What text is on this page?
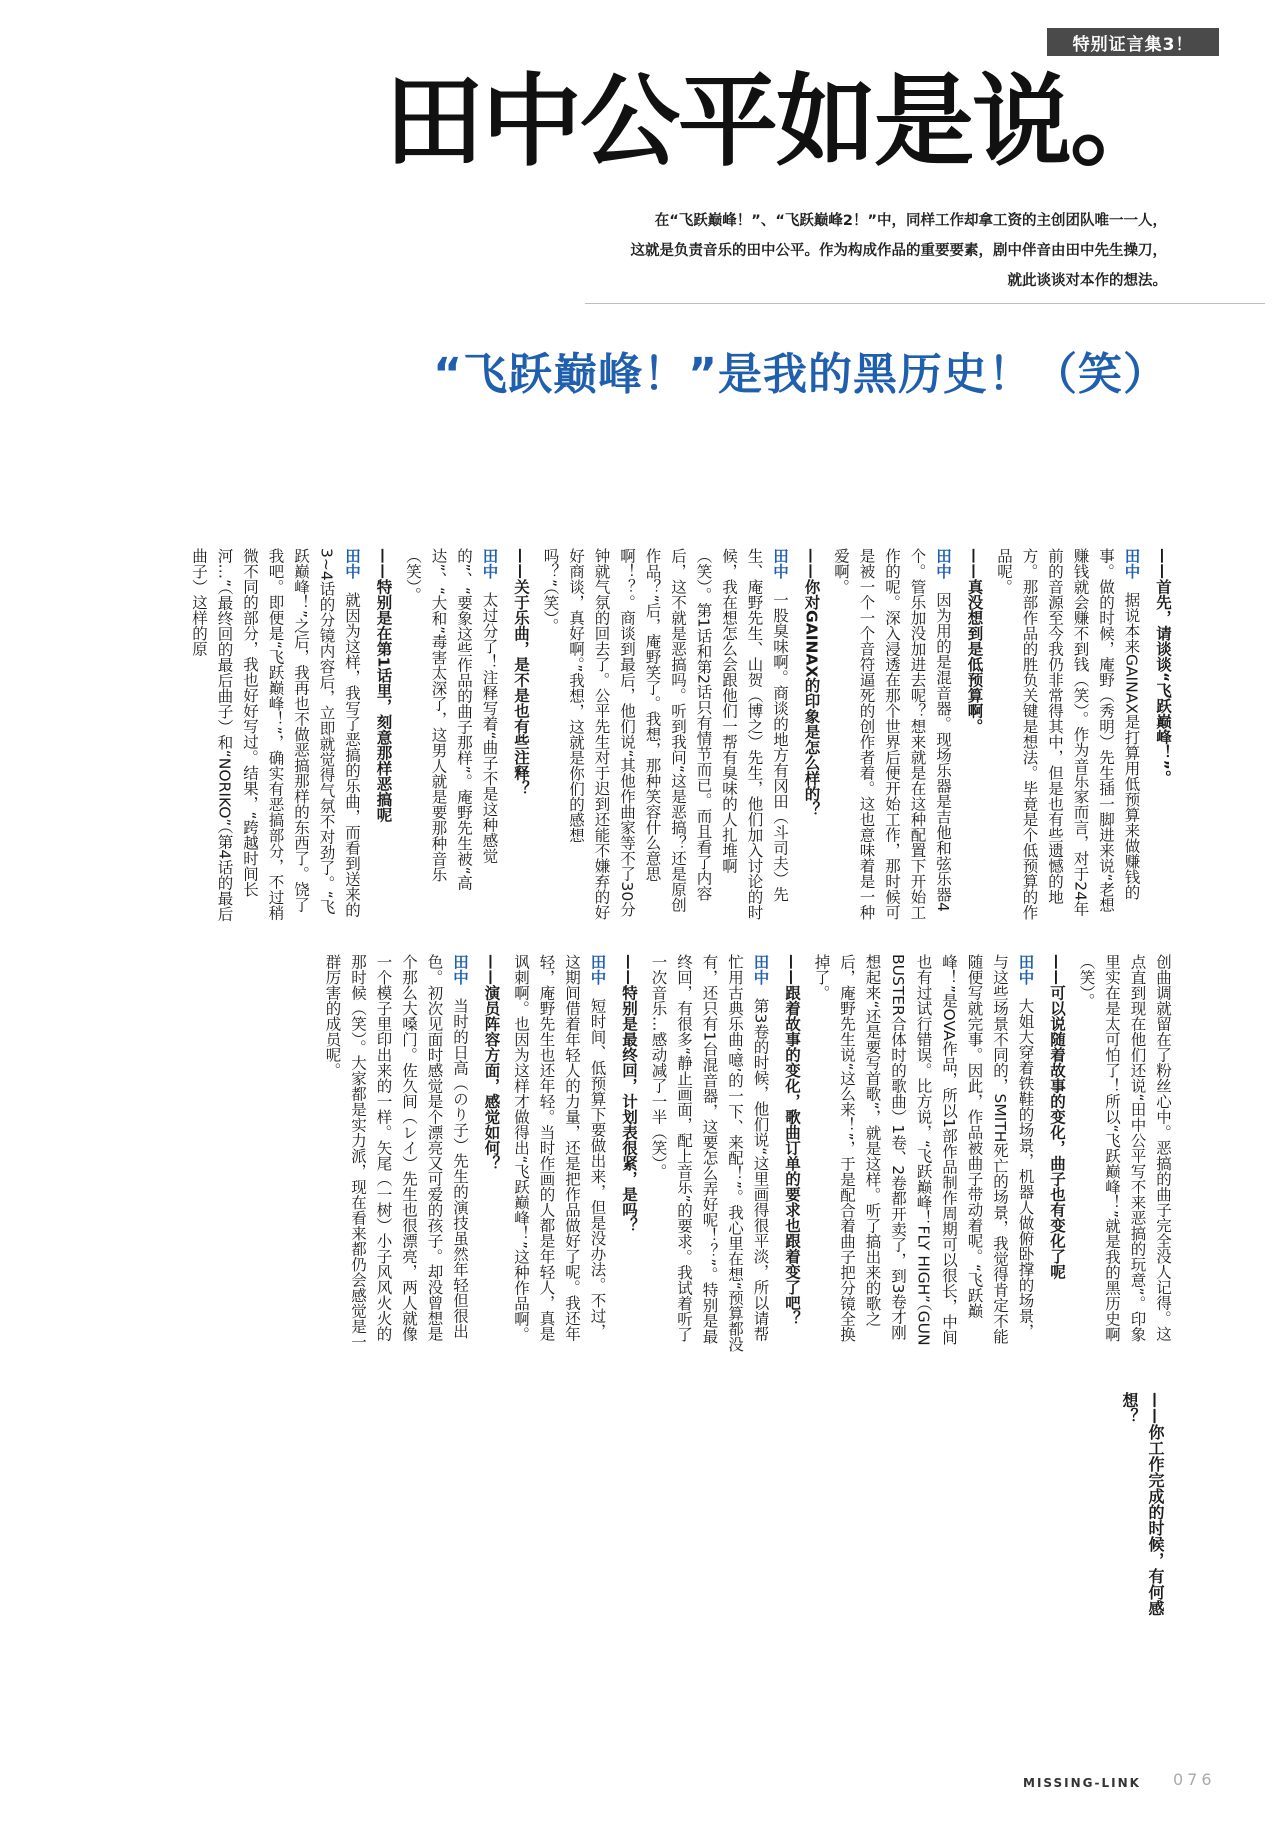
特别证言集3！
田中公平如是说。
在“飞跃巅峰！”、“飞跃巅峰2！”中，同样工作却拿工资的主创团队唯一一人，
这就是负责音乐的田中公平。作为构成作品的重要要素，剧中伴音由田中先生操刀，
就此谈谈对本作的想法。
“飞跃巅峰！”是我的黑历史！（笑）
—— 首先，请谈谈“飞跃巅峰！”。
田中 据说本来GAINAX是打算用低预算来做赚钱的事。做的时候，庵野（秀明）先生插一脚进来说“老想赚钱就会赚不到钱（笑）。作为音乐家而言，对于24年前的音源至今我仍非常得其中，但是也有些遗憾的地方。那部作品的胜负关键是想法。毕竟是个低预算的作品呢。
—— 真没想到是低预算啊。
田中 因为用的是混音器。现场乐器是吉他和弦乐器4个。管乐加没加进去呢？想来就是在这种配置下开始工作的呢。深入浸透在那个世界后便开始工作，那时候可是被一个一个音符逼死的创作者着。这也意味着是一种爱啊。
—— 你对GAINAX的印象是怎么样的？
田中 一股臭味啊。商谈的地方有冈田（斗司夫）先生、庵野先生、山贺（博之）先生，他们加入讨论的时候，我在想怎么会跟他们一帮有臭味的人扎堆啊（笑）。第1话和第2话只有情节而已。而且看了内容后，这不就是恶搞吗。听到我问“这是恶搞？还是原创作品？”后，庵野笑了。我想，那种笑容什么意思啊！？。商谈到最后，他们说“其他作曲家等不了30分钟就气氛的回去了。公平先生对于迟到还能不嫌弃的好好商谈，真好啊。”我想，这就是你们的感想吗？”（笑）。
—— 关于乐曲，是不是也有些注释？
田中 太过分了！注释写着“曲子不是这种感觉的”、“要象这些作品的曲子那样”。庵野先生被“高达”、“大和”毒害太深了，这男人就是要那种音乐（笑）。
—— 特别是在第1话里，刻意那样恶搞呢
田中 就因为这样，我写了恶搞的乐曲，而看到送来的3~4话的分镜内容后，立即就觉得气氛不对劲了。“飞跃巅峰！”之后，我再也不做恶搞那样的东西了。饶了我吧。即便是“飞跃巅峰！”，确实有恶搞部分，不过稍微不同的部分，我也好好写过。结果，“跨越时间长河…”（最终回的最后曲子）和“NORIKO”（第4话的最后曲子）这样的原
创曲调就留在了粉丝心中。恶搞的曲子完全没人记得。这点直到现在他们还说“田中公平写不来恶搞的玩意”。印象里实在是太可怕了！所以“飞跃巅峰！”就是我的黑历史啊（笑）。
—— 可以说随着故事的变化，曲子也有变化了呢
田中 大姐大穿着铁鞋的场景，机器人做俯卧撑的场景，与这些场景不同的，SMITH死亡的场景，我觉得肯定不能随便写就完事。因此，作品被曲子带动着呢。“飞跃巅峰！”是OVA作品，所以1部作品制作周期可以很长，中间也有过试行错误。比方说，“飞跃巅峰！FLY HIGH”（GUN BUSTER合体时的歌曲）1卷、2卷都开卖了，到3卷才刚想起来“还是要写首歌”，就是这样。听了搞出来的歌之后，庵野先生说“这么来！”，于是配合着曲子把分镜全换掉了。
—— 跟着故事的变化，歌曲订单的要求也跟着变了吧？
田中 第3卷的时候，他们说“这里画得很平淡，所以请帮忙用古典乐曲‘噫’的一下、来配！”。我心里在想“预算都没有，还只有1台混音器，这要怎么弄好呢！？”。特别是最终回，有很多“静止画面，配上音乐”的要求。我试着听了一次音乐…感动减了一半（笑）。
—— 特别是最终回，计划表很紧，是吗？
田中 短时间、低预算下要做出来，但是没办法。不过，这期间借着年轻人的力量，还是把作品做好了呢。我还年轻，庵野先生也还年轻。当时作画的人都是年轻人，真是讽刺啊。也因为这样才做得出“飞跃巅峰！”这种作品啊。
—— 演员阵容方面，感觉如何？
田中 当时的日高（のり子）先生的演技虽然年轻但很出色。初次见面时感觉是个漂亮又可爱的孩子。却没曾想是个那么大嗓门。佐久间（レイ）先生也很漂亮，两人就像一个模子里印出来的一样。矢尾（一树）小子风风火火的那时候（笑）。大家都是实力派，现在看来都仍会感觉是一群厉害的成员呢。
—— 你工作完成的时候，有何感想？
MISSING-LINK 076
